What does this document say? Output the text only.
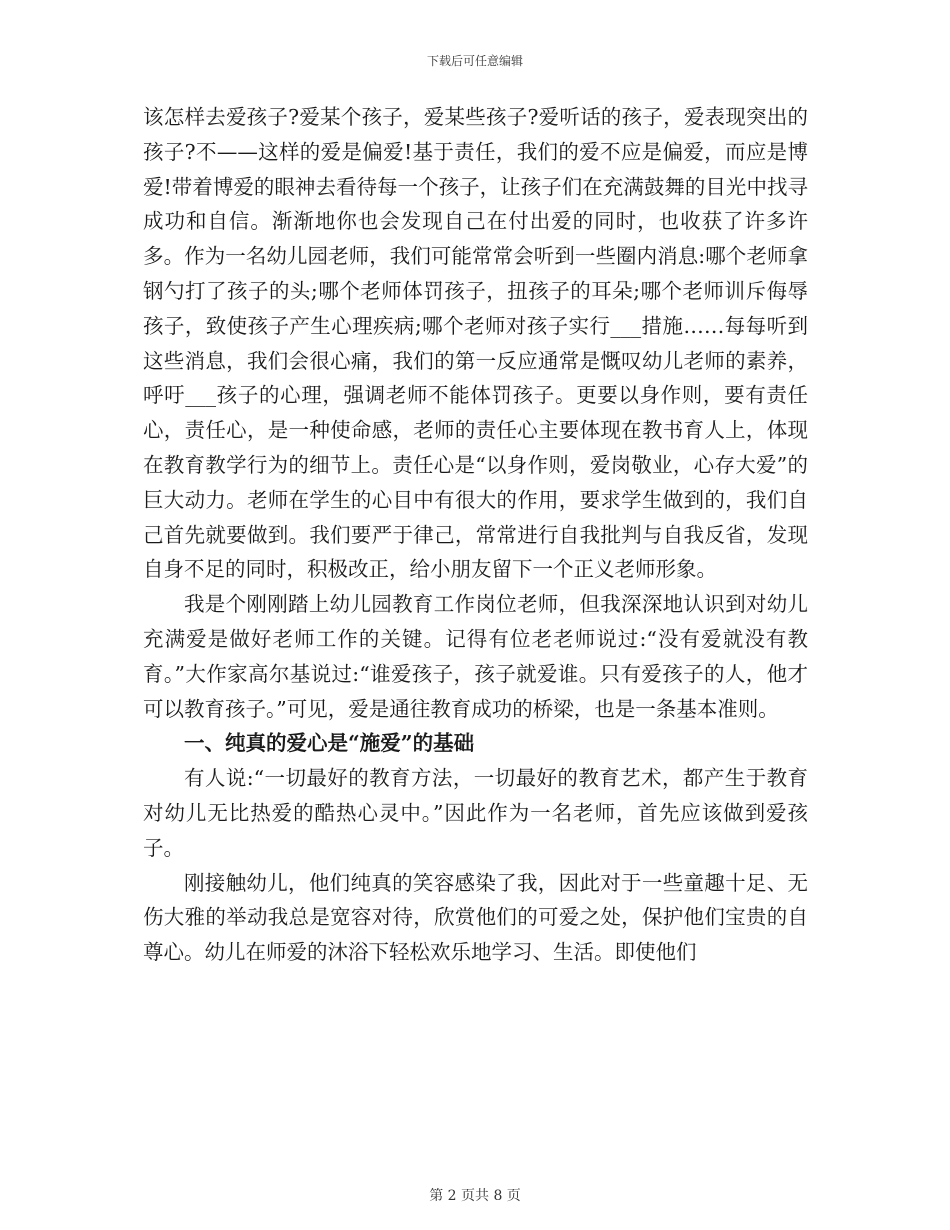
下载后可任意编辑

该怎样去爱孩子?爱某个孩子，爱某些孩子?爱听话的孩子，爱表现突出的孩子?不——这样的爱是偏爱!基于责任，我们的爱不应是偏爱，而应是博爱!带着博爱的眼神去看待每一个孩子，让孩子们在充满鼓舞的目光中找寻成功和自信。渐渐地你也会发现自己在付出爱的同时，也收获了许多许多。作为一名幼儿园老师，我们可能常常会听到一些圈内消息:哪个老师拿钢勺打了孩子的头;哪个老师体罚孩子，扭孩子的耳朵;哪个老师训斥侮辱孩子，致使孩子产生心理疾病;哪个老师对孩子实行___措施……每每听到这些消息，我们会很心痛，我们的第一反应通常是慨叹幼儿老师的素养，呼吁___孩子的心理，强调老师不能体罚孩子。更要以身作则，要有责任心，责任心，是一种使命感，老师的责任心主要体现在教书育人上，体现在教育教学行为的细节上。责任心是“以身作则，爱岗敬业，心存大爱”的巨大动力。老师在学生的心目中有很大的作用，要求学生做到的，我们自己首先就要做到。我们要严于律己，常常进行自我批判与自我反省，发现自身不足的同时，积极改正，给小朋友留下一个正义老师形象。

我是个刚刚踏上幼儿园教育工作岗位老师，但我深深地认识到对幼儿充满爱是做好老师工作的关键。记得有位老老师说过:“没有爱就没有教育。”大作家高尔基说过:“谁爱孩子，孩子就爱谁。只有爱孩子的人，他才可以教育孩子。”可见，爱是通往教育成功的桥梁，也是一条基本准则。

一、纯真的爱心是“施爱”的基础

有人说:“一切最好的教育方法，一切最好的教育艺术，都产生于教育对幼儿无比热爱的酷热心灵中。”因此作为一名老师，首先应该做到爱孩子。

刚接触幼儿，他们纯真的笑容感染了我，因此对于一些童趣十足、无伤大雅的举动我总是宽容对待，欣赏他们的可爱之处，保护他们宝贵的自尊心。幼儿在师爱的沐浴下轻松欢乐地学习、生活。即使他们

第 2 页共 8 页
